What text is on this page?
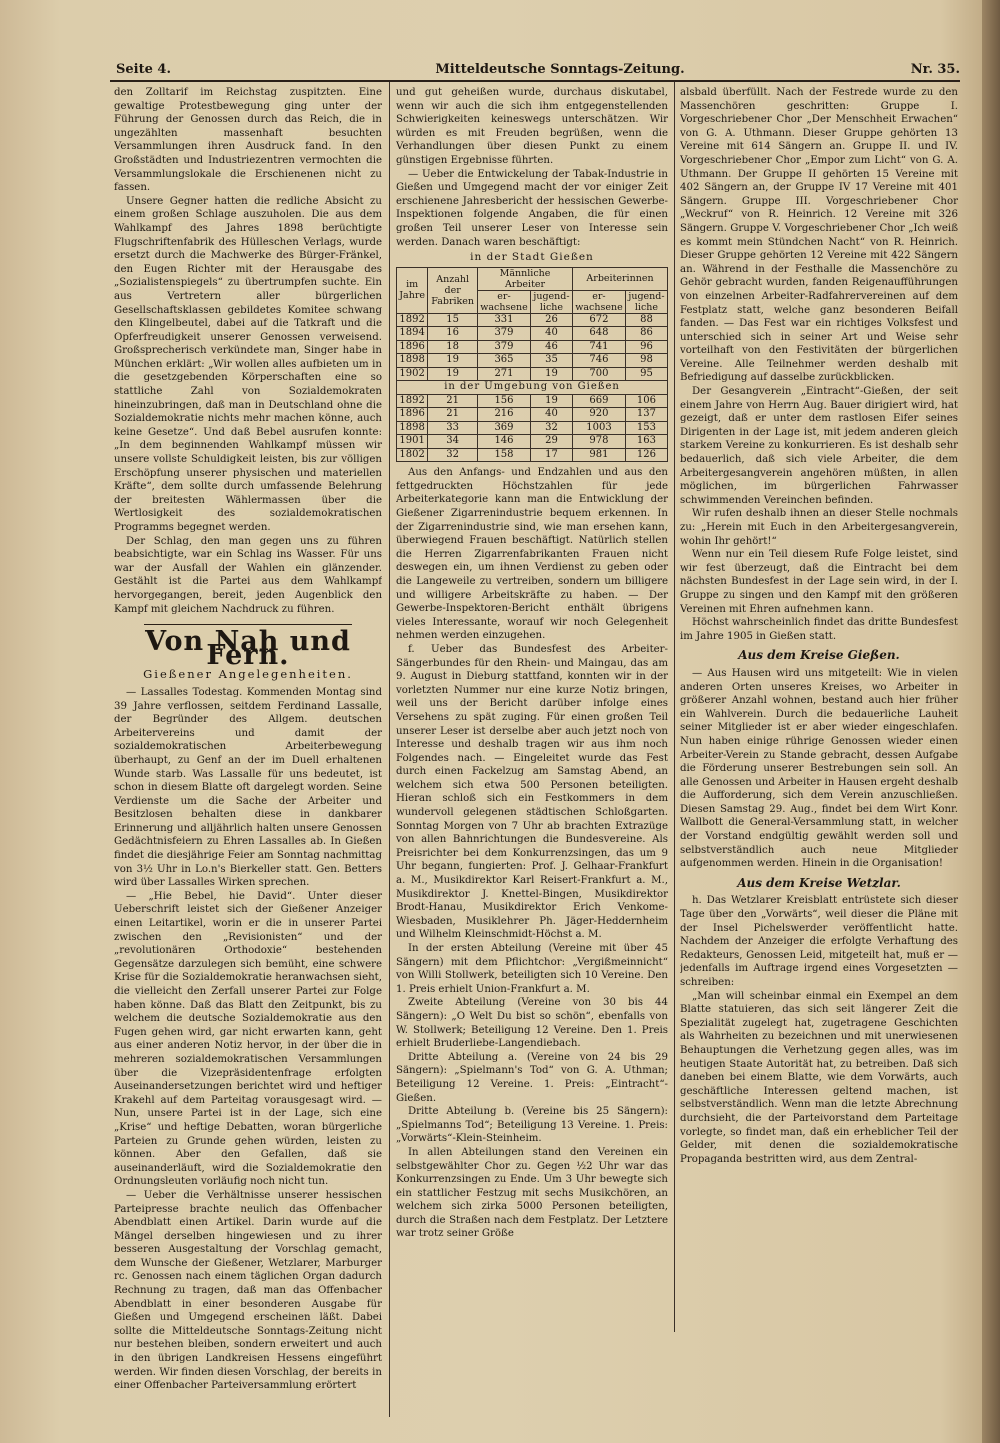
Seite 4.	Mitteldeutsche Sonntags-Zeitung.	Nr. 35.

den Zolltarif im Reichstag zuspitzten. Eine gewaltige Protestbewegung ging unter der Führung der Genossen durch das Reich, die in ungezählten massenhaft besuchten Versammlungen ihren Ausdruck fand. In den Großstädten und Industriezentren vermochten die Versammlungslokale die Erschienenen nicht zu fassen.

Unsere Gegner hatten die redliche Absicht zu einem großen Schlage auszuholen. Die aus dem Wahlkampf des Jahres 1898 berüchtigte Flugschriftenfabrik des Hülleschen Verlags, wurde ersetzt durch die Machwerke des Bürger-Fränkel, den Eugen Richter mit der Herausgabe des „Sozialistenspiegels“ zu übertrumpfen suchte. Ein aus Vertretern aller bürgerlichen Gesellschaftsklassen gebildetes Komitee schwang den Klingelbeutel, dabei auf die Tatkraft und die Opferfreudigkeit unserer Genossen verweisend. Großsprecherisch verkündete man, Singer habe in München erklärt: „Wir wollen alles aufbieten um in die gesetzgebenden Körperschaften eine so stattliche Zahl von Sozialdemokraten hineinzubringen, daß man in Deutschland ohne die Sozialdemokratie nichts mehr machen könne, auch keine Gesetze“. Und daß Bebel ausrufen konnte: „In dem beginnenden Wahlkampf müssen wir unsere vollste Schuldigkeit leisten, bis zur völligen Erschöpfung unserer physischen und materiellen Kräfte“, dem sollte durch umfassende Belehrung der breitesten Wählermassen über die Wertlosigkeit des sozialdemokratischen Programms begegnet werden.

Der Schlag, den man gegen uns zu führen beabsichtigte, war ein Schlag ins Wasser. Für uns war der Ausfall der Wahlen ein glänzender. Gestählt ist die Partei aus dem Wahlkampf hervorgegangen, bereit, jeden Augenblick den Kampf mit gleichem Nachdruck zu führen.

Von Nah und Fern.
Gießener Angelegenheiten.

— Lassalles Todestag. Kommenden Montag sind 39 Jahre verflossen, seitdem Ferdinand Lassalle, der Begründer des Allgem. deutschen Arbeitervereins und damit der sozialdemokratischen Arbeiterbewegung überhaupt, zu Genf an der im Duell erhaltenen Wunde starb. Was Lassalle für uns bedeutet, ist schon in diesem Blatte oft dargelegt worden. Seine Verdienste um die Sache der Arbeiter und Besitzlosen behalten diese in dankbarer Erinnerung und alljährlich halten unsere Genossen Gedächtnisfeiern zu Ehren Lassalles ab. In Gießen findet die diesjährige Feier am Sonntag nachmittag von 3½ Uhr in Lo.n's Bierkeller statt. Gen. Betters wird über Lassalles Wirken sprechen.

— „Hie Bebel, hie David“. Unter dieser Ueberschrift leistet sich der Gießener Anzeiger einen Leitartikel, worin er die in unserer Partei zwischen den „Revisionisten“ und der „revolutionären Orthodoxie“ bestehenden Gegensätze darzulegen sich bemüht, eine schwere Krise für die Sozialdemokratie heranwachsen sieht, die vielleicht den Zerfall unserer Partei zur Folge haben könne. Daß das Blatt den Zeitpunkt, bis zu welchem die deutsche Sozialdemokratie aus den Fugen gehen wird, gar nicht erwarten kann, geht aus einer anderen Notiz hervor, in der über die in mehreren sozialdemokratischen Versammlungen über die Vizepräsidentenfrage erfolgten Auseinandersetzungen berichtet wird und heftiger Krakehl auf dem Parteitag vorausgesagt wird. — Nun, unsere Partei ist in der Lage, sich eine „Krise“ und heftige Debatten, woran bürgerliche Parteien zu Grunde gehen würden, leisten zu können. Aber den Gefallen, daß sie auseinanderläuft, wird die Sozialdemokratie den Ordnungsleuten vorläufig noch nicht tun.

— Ueber die Verhältnisse unserer hessischen Parteipresse brachte neulich das Offenbacher Abendblatt einen Artikel. Darin wurde auf die Mängel derselben hingewiesen und zu ihrer besseren Ausgestaltung der Vorschlag gemacht, dem Wunsche der Gießener, Wetzlarer, Marburger rc. Genossen nach einem täglichen Organ dadurch Rechnung zu tragen, daß man das Offenbacher Abendblatt in einer besonderen Ausgabe für Gießen und Umgegend erscheinen läßt. Dabei sollte die Mitteldeutsche Sonntags-Zeitung nicht nur bestehen bleiben, sondern erweitert und auch in den übrigen Landkreisen Hessens eingeführt werden. Wir finden diesen Vorschlag, der bereits in einer Offenbacher Parteiversammlung erörtert

und gut geheißen wurde, durchaus diskutabel, wenn wir auch die sich ihm entgegenstellenden Schwierigkeiten keineswegs unterschätzen. Wir würden es mit Freuden begrüßen, wenn die Verhandlungen über diesen Punkt zu einem günstigen Ergebnisse führten.

— Ueber die Entwickelung der Tabak-Industrie in Gießen und Umgegend macht der vor einiger Zeit erschienene Jahresbericht der hessischen Gewerbe-Inspektionen folgende Angaben, die für einen großen Teil unserer Leser von Interesse sein werden. Danach waren beschäftigt:

in der Stadt Gießen
im Jahre	Anzahl der Fabriken	Männliche Arbeiter		Arbeiterinnen	
		er-wachsene	jugend-liche	er-wachsene	jugend-liche
1892	15	331	26	672	88
1894	16	379	40	648	86
1896	18	379	46	741	96
1898	19	365	35	746	98
1902	19	271	19	700	95
in der Umgebung von Gießen					
1892	21	156	19	669	106
1896	21	216	40	920	137
1898	33	369	32	1003	153
1901	34	146	29	978	163
1802	32	158	17	981	126

Aus den Anfangs- und Endzahlen und aus den fettgedruckten Höchstzahlen für jede Arbeiterkategorie kann man die Entwicklung der Gießener Zigarrenindustrie bequem erkennen. In der Zigarrenindustrie sind, wie man ersehen kann, überwiegend Frauen beschäftigt. Natürlich stellen die Herren Zigarrenfabrikanten Frauen nicht deswegen ein, um ihnen Verdienst zu geben oder die Langeweile zu vertreiben, sondern um billigere und willigere Arbeitskräfte zu haben. — Der Gewerbe-Inspektoren-Bericht enthält übrigens vieles Interessante, worauf wir noch Gelegenheit nehmen werden einzugehen.

f. Ueber das Bundesfest des Arbeiter-Sängerbundes für den Rhein- und Maingau, das am 9. August in Dieburg stattfand, konnten wir in der vorletzten Nummer nur eine kurze Notiz bringen, weil uns der Bericht darüber infolge eines Versehens zu spät zuging. Für einen großen Teil unserer Leser ist derselbe aber auch jetzt noch von Interesse und deshalb tragen wir aus ihm noch Folgendes nach. — Eingeleitet wurde das Fest durch einen Fackelzug am Samstag Abend, an welchem sich etwa 500 Personen beteiligten. Hieran schloß sich ein Festkommers in dem wundervoll gelegenen städtischen Schloßgarten. Sonntag Morgen von 7 Uhr ab brachten Extrazüge von allen Bahnrichtungen die Bundesvereine. Als Preisrichter bei dem Konkurrenzsingen, das um 9 Uhr begann, fungierten: Prof. J. Gelhaar-Frankfurt a. M., Musikdirektor Karl Reisert-Frankfurt a. M., Musikdirektor J. Knettel-Bingen, Musikdirektor Brodt-Hanau, Musikdirektor Erich Venkome-Wiesbaden, Musiklehrer Ph. Jäger-Heddernheim und Wilhelm Kleinschmidt-Höchst a. M.

In der ersten Abteilung (Vereine mit über 45 Sängern) mit dem Pflichtchor: „Vergißmeinnicht“ von Willi Stollwerk, beteiligten sich 10 Vereine. Den 1. Preis erhielt Union-Frankfurt a. M.

Zweite Abteilung (Vereine von 30 bis 44 Sängern): „O Welt Du bist so schön“, ebenfalls von W. Stollwerk; Beteiligung 12 Vereine. Den 1. Preis erhielt Bruderliebe-Langendiebach.

Dritte Abteilung a. (Vereine von 24 bis 29 Sängern): „Spielmann's Tod“ von G. A. Uthman; Beteiligung 12 Vereine. 1. Preis: „Eintracht“-Gießen.

Dritte Abteilung b. (Vereine bis 25 Sängern): „Spielmanns Tod“; Beteiligung 13 Vereine. 1. Preis: „Vorwärts“-Klein-Steinheim.

In allen Abteilungen stand den Vereinen ein selbstgewählter Chor zu. Gegen ½2 Uhr war das Konkurrenzsingen zu Ende. Um 3 Uhr bewegte sich ein stattlicher Festzug mit sechs Musikchören, an welchem sich zirka 5000 Personen beteiligten, durch die Straßen nach dem Festplatz. Der Letztere war trotz seiner Größe

alsbald überfüllt. Nach der Festrede wurde zu den Massenchören geschritten: Gruppe I. Vorgeschriebener Chor „Der Menschheit Erwachen“ von G. A. Uthmann. Dieser Gruppe gehörten 13 Vereine mit 614 Sängern an. Gruppe II. und IV. Vorgeschriebener Chor „Empor zum Licht“ von G. A. Uthmann. Der Gruppe II gehörten 15 Vereine mit 402 Sängern an, der Gruppe IV 17 Vereine mit 401 Sängern. Gruppe III. Vorgeschriebener Chor „Weckruf“ von R. Heinrich. 12 Vereine mit 326 Sängern. Gruppe V. Vorgeschriebener Chor „Ich weiß es kommt mein Stündchen Nacht“ von R. Heinrich. Dieser Gruppe gehörten 12 Vereine mit 422 Sängern an. Während in der Festhalle die Massenchöre zu Gehör gebracht wurden, fanden Reigenaufführungen von einzelnen Arbeiter-Radfahrervereinen auf dem Festplatz statt, welche ganz besonderen Beifall fanden. — Das Fest war ein richtiges Volksfest und unterschied sich in seiner Art und Weise sehr vorteilhaft von den Festivitäten der bürgerlichen Vereine. Alle Teilnehmer werden deshalb mit Befriedigung auf dasselbe zurückblicken.

Der Gesangverein „Eintracht“-Gießen, der seit einem Jahre von Herrn Aug. Bauer dirigiert wird, hat gezeigt, daß er unter dem rastlosen Eifer seines Dirigenten in der Lage ist, mit jedem anderen gleich starkem Vereine zu konkurrieren. Es ist deshalb sehr bedauerlich, daß sich viele Arbeiter, die dem Arbeitergesangverein angehören müßten, in allen möglichen, im bürgerlichen Fahrwasser schwimmenden Vereinchen befinden.

Wir rufen deshalb ihnen an dieser Stelle nochmals zu: „Herein mit Euch in den Arbeitergesangverein, wohin Ihr gehört!“

Wenn nur ein Teil diesem Rufe Folge leistet, sind wir fest überzeugt, daß die Eintracht bei dem nächsten Bundesfest in der Lage sein wird, in der I. Gruppe zu singen und den Kampf mit den größeren Vereinen mit Ehren aufnehmen kann.

Höchst wahrscheinlich findet das dritte Bundesfest im Jahre 1905 in Gießen statt.

Aus dem Kreise Gießen.

— Aus Hausen wird uns mitgeteilt: Wie in vielen anderen Orten unseres Kreises, wo Arbeiter in größerer Anzahl wohnen, bestand auch hier früher ein Wahlverein. Durch die bedauerliche Lauheit seiner Mitglieder ist er aber wieder eingeschlafen. Nun haben einige rührige Genossen wieder einen Arbeiter-Verein zu Stande gebracht, dessen Aufgabe die Förderung unserer Bestrebungen sein soll. An alle Genossen und Arbeiter in Hausen ergeht deshalb die Aufforderung, sich dem Verein anzuschließen. Diesen Samstag 29. Aug., findet bei dem Wirt Konr. Wallbott die General-Versammlung statt, in welcher der Vorstand endgültig gewählt werden soll und selbstverständlich auch neue Mitglieder aufgenommen werden. Hinein in die Organisation!

Aus dem Kreise Wetzlar.

h. Das Wetzlarer Kreisblatt entrüstete sich dieser Tage über den „Vorwärts“, weil dieser die Pläne mit der Insel Pichelswerder veröffentlicht hatte. Nachdem der Anzeiger die erfolgte Verhaftung des Redakteurs, Genossen Leid, mitgeteilt hat, muß er — jedenfalls im Auftrage irgend eines Vorgesetzten — schreiben:

„Man will scheinbar einmal ein Exempel an dem Blatte statuieren, das sich seit längerer Zeit die Spezialität zugelegt hat, zugetragene Geschichten als Wahrheiten zu bezeichnen und mit unerwiesenen Behauptungen die Verhetzung gegen alles, was im heutigen Staate Autorität hat, zu betreiben. Daß sich daneben bei einem Blatte, wie dem Vorwärts, auch geschäftliche Interessen geltend machen, ist selbstverständlich. Wenn man die letzte Abrechnung durchsieht, die der Parteivorstand dem Parteitage vorlegte, so findet man, daß ein erheblicher Teil der Gelder, mit denen die sozialdemokratische Propaganda bestritten wird, aus dem Zentral-
